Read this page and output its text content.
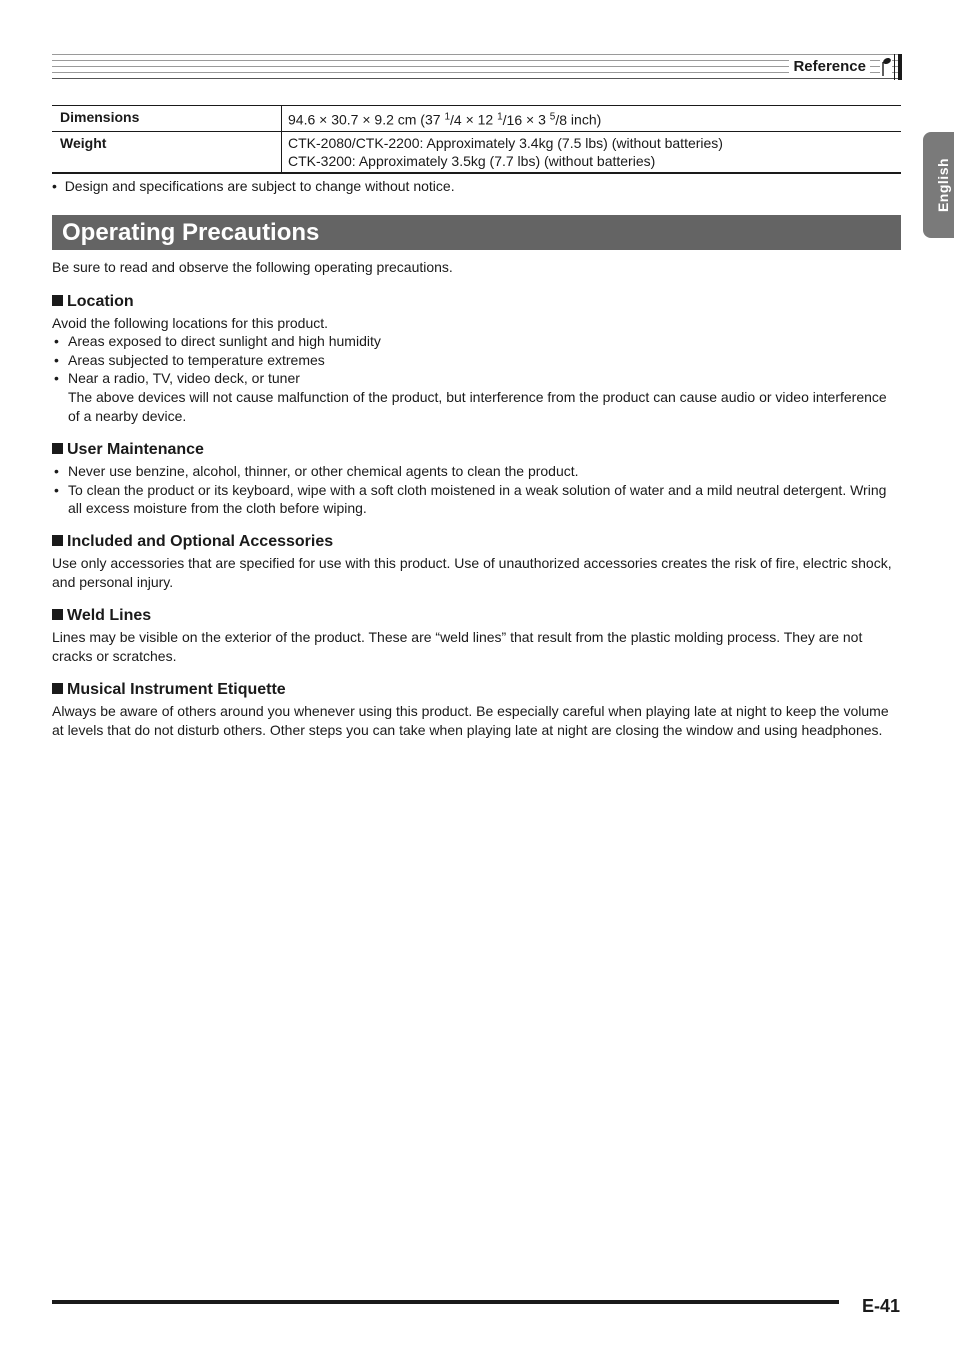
Reference
English
Dimensions	94.6 × 30.7 × 9.2 cm (37 $^1$/4 × 12 $^1$/16 × 3 $^5$/8 inch)
Weight	CTK-2080/CTK-2200: Approximately 3.4kg (7.5 lbs) (without batteries)
CTK-3200: Approximately 3.5kg (7.7 lbs) (without batteries)
•  Design and specifications are subject to change without notice.
Operating Precautions
Be sure to read and observe the following operating precautions.
Location

Avoid the following locations for this product.

• Areas exposed to direct sunlight and high humidity
• Areas subjected to temperature extremes
• Near a radio, TV, video deck, or tuner
The above devices will not cause malfunction of the product, but interference from the product can cause audio or video interference of a nearby device.
User Maintenance
• Never use benzine, alcohol, thinner, or other chemical agents to clean the product.
• To clean the product or its keyboard, wipe with a soft cloth moistened in a weak solution of water and a mild neutral detergent. Wring all excess moisture from the cloth before wiping.
Included and Optional Accessories

Use only accessories that are specified for use with this product. Use of unauthorized accessories creates the risk of fire, electric shock, and personal injury.

Weld Lines

Lines may be visible on the exterior of the product. These are “weld lines” that result from the plastic molding process. They are not cracks or scratches.

Musical Instrument Etiquette

Always be aware of others around you whenever using this product. Be especially careful when playing late at night to keep the volume at levels that do not disturb others. Other steps you can take when playing late at night are closing the window and using headphones.

E-41
